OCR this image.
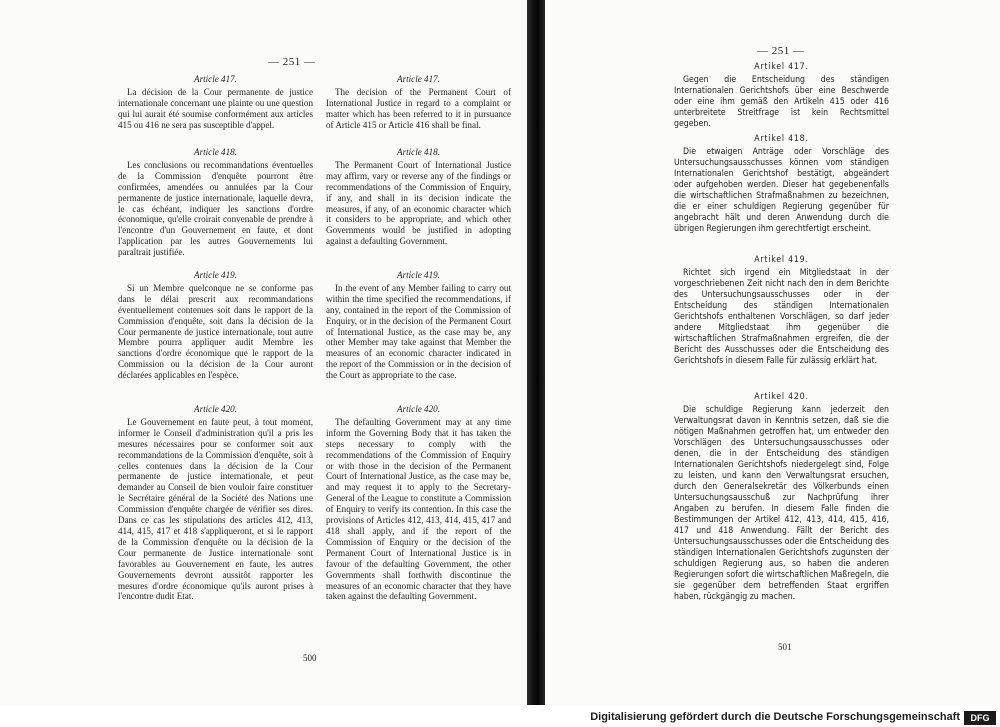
— 251 —

Article 417.

La décision de la Cour permanente de justice internationale concernant une plainte ou une question qui lui aurait été soumise conformément aux articles 415 ou 416 ne sera pas susceptible d'appel.

Article 418.

Les conclusions ou recommandations éventuelles de la Commission d'enquête pourront être confirmées, amendées ou annulées par la Cour permanente de justice internationale, laquelle devra, le cas échéant, indiquer les sanctions d'ordre économique, qu'elle croirait convenable de prendre à l'encontre d'un Gouvernement en faute, et dont l'application par les autres Gouvernements lui paraîtrait justifiée.

Article 419.

Si un Membre quelconque ne se conforme pas dans le délai prescrit aux recommandations éventuellement contenues soit dans le rapport de la Commission d'enquête, soit dans la décision de la Cour permanente de justice internationale, tout autre Membre pourra appliquer audit Membre les sanctions d'ordre économique que le rapport de la Commission ou la décision de la Cour auront déclarées applicables en l'espèce.

Article 420.

Le Gouvernement en faute peut, à tout moment, informer le Conseil d'administration qu'il a pris les mesures nécessaires pour se conformer soit aux recommandations de la Commission d'enquête, soit à celles contenues dans la décision de la Cour permanente de justice internationale, et peut demander au Conseil de bien vouloir faire constituer le Secrétaire général de la Société des Nations une Commission d'enquête chargée de vérifier ses dires. Dans ce cas les stipulations des articles 412, 413, 414, 415, 417 et 418 s'appliqueront, et si le rapport de la Commission d'enquête ou la décision de la Cour permanente de Justice internationale sont favorables au Gouvernement en faute, les autres Gouvernements devront aussitôt rapporter les mesures d'ordre économique qu'ils auront prises à l'encontre dudit Etat.

Article 417.

The decision of the Permanent Court of International Justice in regard to a complaint or matter which has been referred to it in pursuance of Article 415 or Article 416 shall be final.

Article 418.

The Permanent Court of International Justice may affirm, vary or reverse any of the findings or recommendations of the Commission of Enquiry, if any, and shall in its decision indicate the measures, if any, of an economic character which it considers to be appropriate, and which other Governments would be justified in adopting against a defaulting Government.

Article 419.

In the event of any Member failing to carry out within the time specified the recommendations, if any, contained in the report of the Commission of Enquiry, or in the decision of the Permanent Court of International Justice, as the case may be, any other Member may take against that Member the measures of an economic character indicated in the report of the Commission or in the decision of the Court as appropriate to the case.

Article 420.

The defaulting Government may at any time inform the Governing Body that it has taken the steps necessary to comply with the recommendations of the Commission of Enquiry or with those in the decision of the Permanent Court of International Justice, as the case may be, and may request it to apply to the Secretary-General of the League to constitute a Commission of Enquiry to verify its contention. In this case the provisions of Articles 412, 413, 414, 415, 417 and 418 shall apply, and if the report of the Commission of Enquiry or the decision of the Permanent Court of International Justice is in favour of the defaulting Government, the other Governments shall forthwith discontinue the measures of an economic character that they have taken against the defaulting Government.

500
— 251 —

Artikel 417.

Gegen die Entscheidung des ständigen Internationalen Gerichtshofs über eine Beschwerde oder eine ihm gemäß den Artikeln 415 oder 416 unterbreitete Streitfrage ist kein Rechtsmittel gegeben.

Artikel 418.

Die etwaigen Anträge oder Vorschläge des Untersuchungsausschusses können vom ständigen Internationalen Gerichtshof bestätigt, abgeändert oder aufgehoben werden. Dieser hat gegebenenfalls die wirtschaftlichen Strafmaßnahmen zu bezeichnen, die er einer schuldigen Regierung gegenüber für angebracht hält und deren Anwendung durch die übrigen Regierungen ihm gerechtfertigt erscheint.

Artikel 419.

Richtet sich irgend ein Mitgliedstaat in der vorgeschriebenen Zeit nicht nach den in dem Berichte des Untersuchungsausschusses oder in der Entscheidung des ständigen Internationalen Gerichtshofs enthaltenen Vorschlägen, so darf jeder andere Mitgliedstaat ihm gegenüber die wirtschaftlichen Strafmaßnahmen ergreifen, die der Bericht des Ausschusses oder die Entscheidung des Gerichtshofs in diesem Falle für zulässig erklärt hat.

Artikel 420.

Die schuldige Regierung kann jederzeit den Verwaltungsrat davon in Kenntnis setzen, daß sie die nötigen Maßnahmen getroffen hat, um entweder den Vorschlägen des Untersuchungsausschusses oder denen, die in der Entscheidung des ständigen Internationalen Gerichtshofs niedergelegt sind, Folge zu leisten, und kann den Verwaltungsrat ersuchen, durch den Generalsekretär des Völkerbunds einen Untersuchungsausschuß zur Nachprüfung ihrer Angaben zu berufen. In diesem Falle finden die Bestimmungen der Artikel 412, 413, 414, 415, 416, 417 und 418 Anwendung. Fällt der Bericht des Untersuchungsausschusses oder die Entscheidung des ständigen Internationalen Gerichtshofs zugunsten der schuldigen Regierung aus, so haben die anderen Regierungen sofort die wirtschaftlichen Maßregeln, die sie gegenüber dem betreffenden Staat ergriffen haben, rückgängig zu machen.

501
Digitalisierung gefördert durch die Deutsche Forschungsgemeinschaft	DFG
